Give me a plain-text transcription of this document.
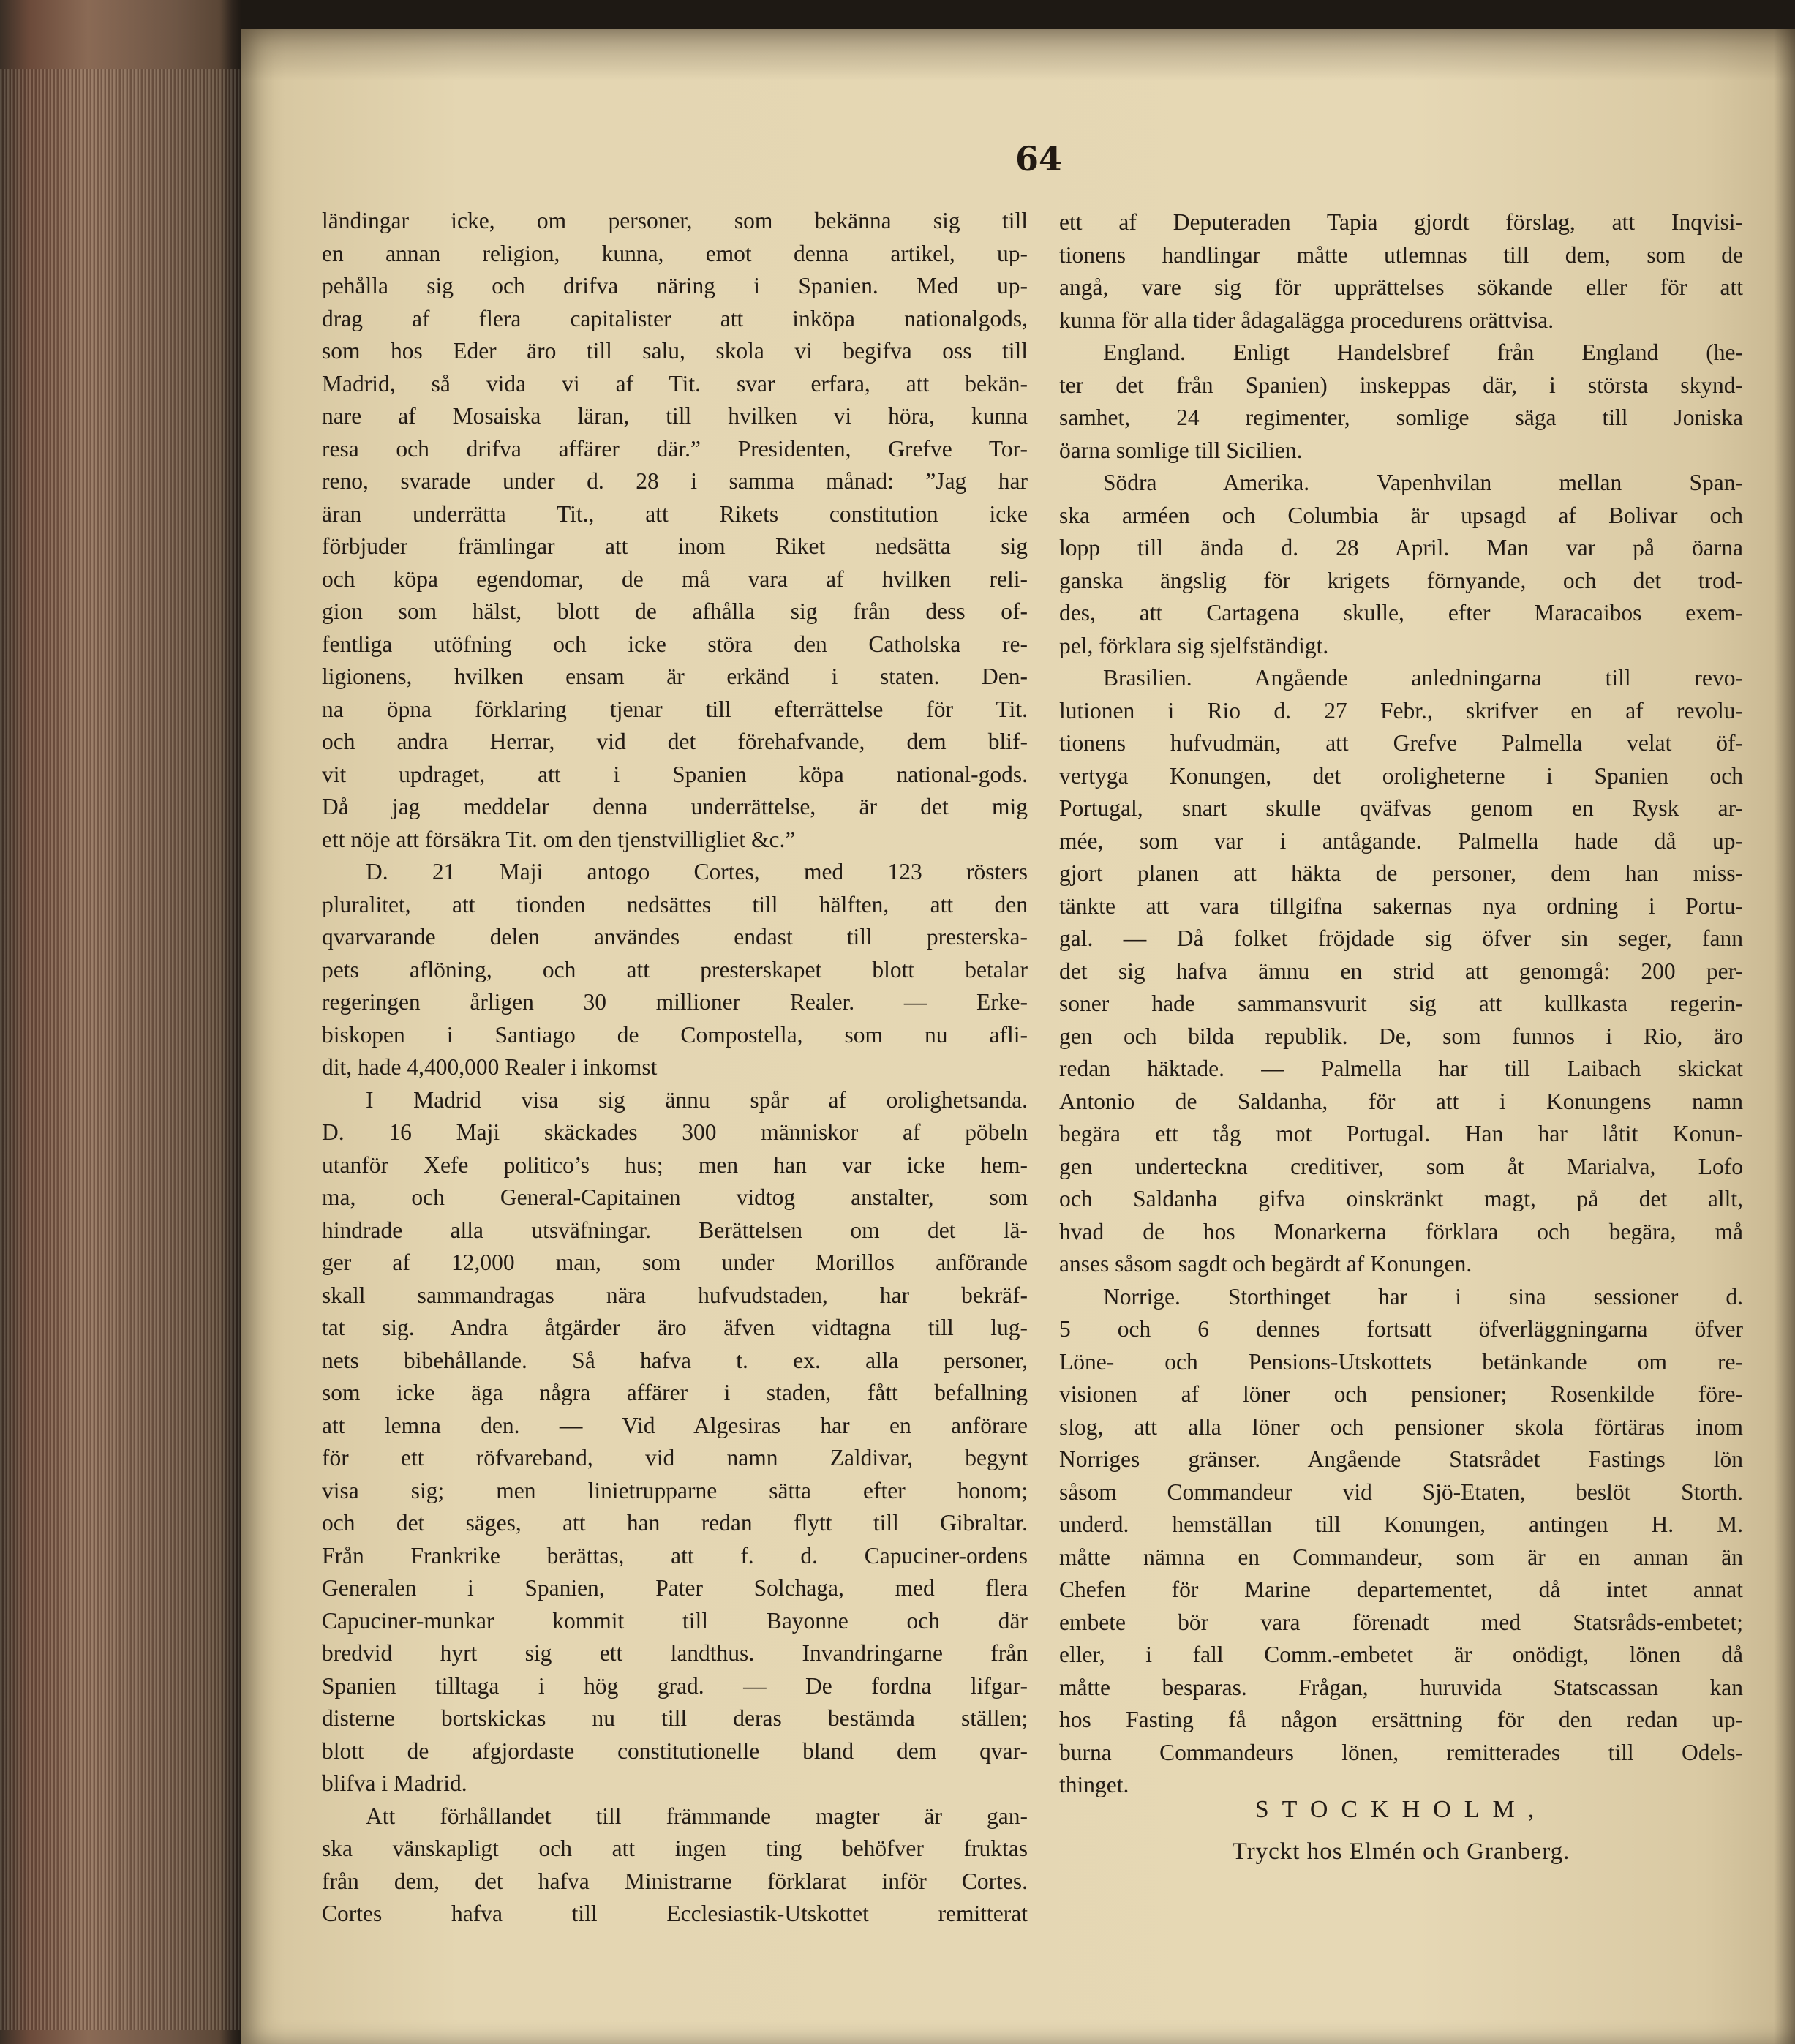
64
ländingar icke, om personer, som bekänna sig till
en annan religion, kunna, emot denna artikel, up-
pehålla sig och drifva näring i Spanien. Med up-
drag af flera capitalister att inköpa nationalgods,
som hos Eder äro till salu, skola vi begifva oss till
Madrid, så vida vi af Tit. svar erfara, att bekän-
nare af Mosaiska läran, till hvilken vi höra, kunna
resa och drifva affärer där.” Presidenten, Grefve Tor-
reno, svarade under d. 28 i samma månad: ”Jag har
äran underrätta Tit., att Rikets constitution icke
förbjuder främlingar att inom Riket nedsätta sig
och köpa egendomar, de må vara af hvilken reli-
gion som hälst, blott de afhålla sig från dess of-
fentliga utöfning och icke störa den Catholska re-
ligionens, hvilken ensam är erkänd i staten. Den-
na öpna förklaring tjenar till efterrättelse för Tit.
och andra Herrar, vid det förehafvande, dem blif-
vit updraget, att i Spanien köpa national-gods.
Då jag meddelar denna underrättelse, är det mig
ett nöje att försäkra Tit. om den tjenstvilligliet &c.”
D. 21 Maji antogo Cortes, med 123 rösters
pluralitet, att tionden nedsättes till hälften, att den
qvarvarande delen användes endast till presterska-
pets aflöning, och att presterskapet blott betalar
regeringen årligen 30 millioner Realer. — Erke-
biskopen i Santiago de Compostella, som nu afli-
dit, hade 4,400,000 Realer i inkomst
I Madrid visa sig ännu spår af orolighetsanda.
D. 16 Maji skäckades 300 människor af pöbeln
utanför Xefe politico’s hus; men han var icke hem-
ma, och General-Capitainen vidtog anstalter, som
hindrade alla utsväfningar. Berättelsen om det lä-
ger af 12,000 man, som under Morillos anförande
skall sammandragas nära hufvudstaden, har bekräf-
tat sig. Andra åtgärder äro äfven vidtagna till lug-
nets bibehållande. Så hafva t. ex. alla personer,
som icke äga några affärer i staden, fått befallning
att lemna den. — Vid Algesiras har en anförare
för ett röfvareband, vid namn Zaldivar, begynt
visa sig; men linietrupparne sätta efter honom;
och det säges, att han redan flytt till Gibraltar.
Från Frankrike berättas, att f. d. Capuciner-ordens
Generalen i Spanien, Pater Solchaga, med flera
Capuciner-munkar kommit till Bayonne och där
bredvid hyrt sig ett landthus. Invandringarne från
Spanien tilltaga i hög grad. — De fordna lifgar-
disterne bortskickas nu till deras bestämda ställen;
blott de afgjordaste constitutionelle bland dem qvar-
blifva i Madrid.
Att förhållandet till främmande magter är gan-
ska vänskapligt och att ingen ting behöfver fruktas
från dem, det hafva Ministrarne förklarat inför Cortes.
Cortes hafva till Ecclesiastik-Utskottet remitterat
ett af Deputeraden Tapia gjordt förslag, att Inqvisi-
tionens handlingar måtte utlemnas till dem, som de
angå, vare sig för upprättelses sökande eller för att
kunna för alla tider ådagalägga procedurens orättvisa.
England. Enligt Handelsbref från England (he-
ter det från Spanien) inskeppas där, i största skynd-
samhet, 24 regimenter, somlige säga till Joniska
öarna somlige till Sicilien.
Södra Amerika. Vapenhvilan mellan Span-
ska arméen och Columbia är upsagd af Bolivar och
lopp till ända d. 28 April. Man var på öarna
ganska ängslig för krigets förnyande, och det trod-
des, att Cartagena skulle, efter Maracaibos exem-
pel, förklara sig sjelfständigt.
Brasilien. Angående anledningarna till revo-
lutionen i Rio d. 27 Febr., skrifver en af revolu-
tionens hufvudmän, att Grefve Palmella velat öf-
vertyga Konungen, det oroligheterne i Spanien och
Portugal, snart skulle qväfvas genom en Rysk ar-
mée, som var i antågande. Palmella hade då up-
gjort planen att häkta de personer, dem han miss-
tänkte att vara tillgifna sakernas nya ordning i Portu-
gal. — Då folket fröjdade sig öfver sin seger, fann
det sig hafva ämnu en strid att genomgå: 200 per-
soner hade sammansvurit sig att kullkasta regerin-
gen och bilda republik. De, som funnos i Rio, äro
redan häktade. — Palmella har till Laibach skickat
Antonio de Saldanha, för att i Konungens namn
begära ett tåg mot Portugal. Han har låtit Konun-
gen underteckna creditiver, som åt Marialva, Lofo
och Saldanha gifva oinskränkt magt, på det allt,
hvad de hos Monarkerna förklara och begära, må
anses såsom sagdt och begärdt af Konungen.
Norrige. Storthinget har i sina sessioner d.
5 och 6 dennes fortsatt öfverläggningarna öfver
Löne- och Pensions-Utskottets betänkande om re-
visionen af löner och pensioner; Rosenkilde före-
slog, att alla löner och pensioner skola förtäras inom
Norriges gränser. Angående Statsrådet Fastings lön
såsom Commandeur vid Sjö-Etaten, beslöt Storth.
underd. hemställan till Konungen, antingen H. M.
måtte nämna en Commandeur, som är en annan än
Chefen för Marine departementet, då intet annat
embete bör vara förenadt med Statsråds-embetet;
eller, i fall Comm.-embetet är onödigt, lönen då
måtte besparas. Frågan, huruvida Statscassan kan
hos Fasting få någon ersättning för den redan up-
burna Commandeurs lönen, remitterades till Odels-
thinget.
STOCKHOLM,
Tryckt hos Elmén och Granberg.
